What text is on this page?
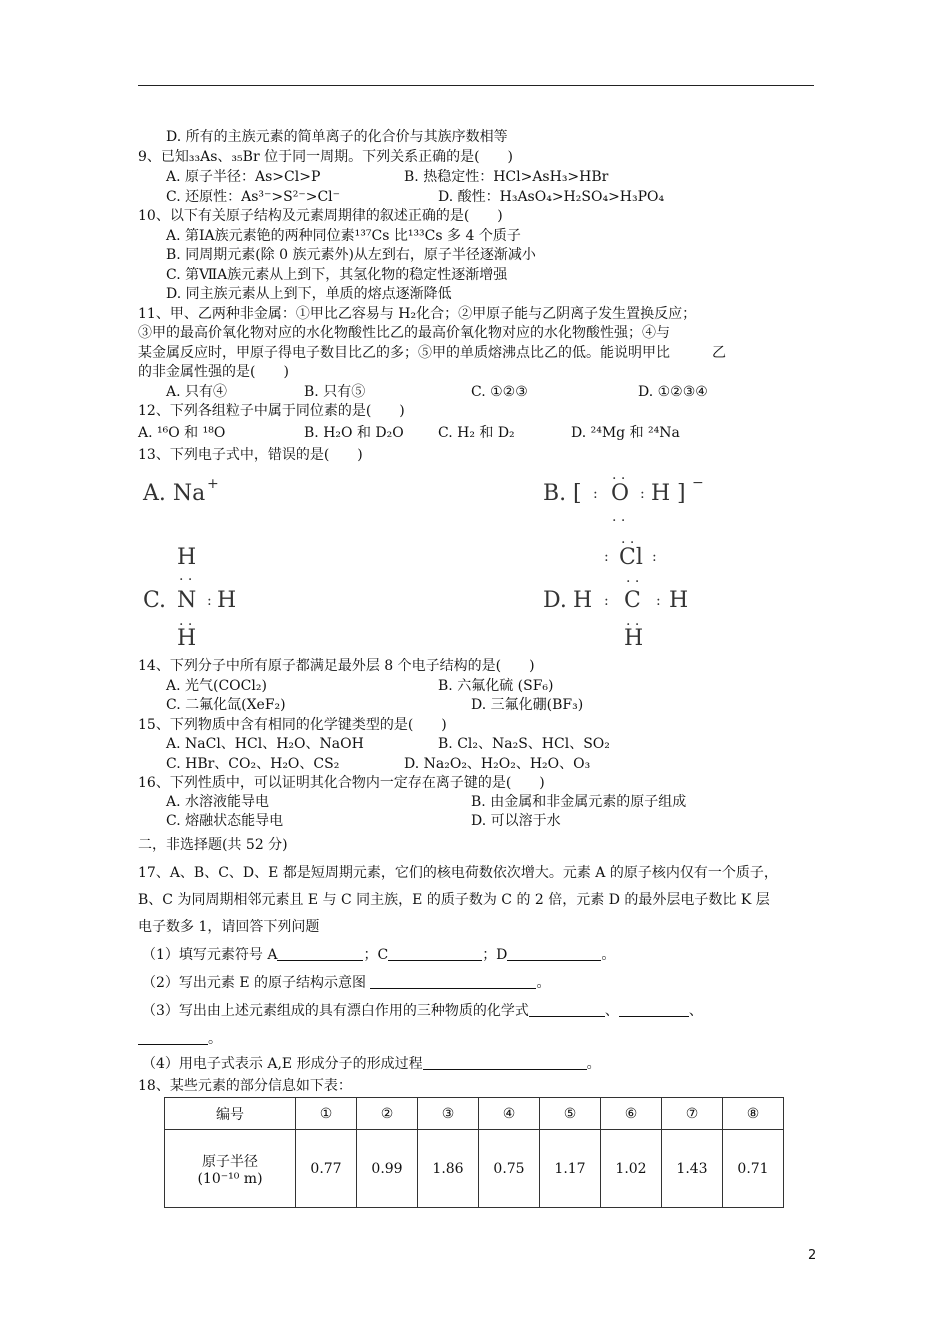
D. 所有的主族元素的简单离子的化合价与其族序数相等
9、已知₃₃As、₃₅Br 位于同一周期。下列关系正确的是(　　)
A. 原子半径：As>Cl>P	B. 热稳定性：HCl>AsH₃>HBr
C. 还原性：As³⁻>S²⁻>Cl⁻	D. 酸性：H₃AsO₄>H₂SO₄>H₃PO₄
10、以下有关原子结构及元素周期律的叙述正确的是(　　)
A. 第ⅠA族元素铯的两种同位素¹³⁷Cs 比¹³³Cs 多 4 个质子
B. 同周期元素(除 0 族元素外)从左到右，原子半径逐渐减小
C. 第ⅦA族元素从上到下，其氢化物的稳定性逐渐增强
D. 同主族元素从上到下，单质的熔点逐渐降低
11、甲、乙两种非金属：①甲比乙容易与 H₂化合；②甲原子能与乙阴离子发生置换反应；
③甲的最高价氧化物对应的水化物酸性比乙的最高价氧化物对应的水化物酸性强；④与
某金属反应时，甲原子得电子数目比乙的多；⑤甲的单质熔沸点比乙的低。能说明甲比　　　乙
的非金属性强的是(　　)
A. 只有④	B. 只有⑤	C. ①②③	D. ①②③④
12、下列各组粒子中属于同位素的是(　　)
A. ¹⁶O 和 ¹⁸O	B. H₂O 和 D₂O C. H₂ 和 D₂	D. ²⁴Mg 和 ²⁴Na
13、下列电子式中，错误的是(　　)
A. Na +	B. [ :
. .
O :
. .
H ] −
H
. .
C. N : H
. .
H
. .
: Cl :
. .
D. H : C : H
. .
H
14、下列分子中所有原子都满足最外层 8 个电子结构的是(　　)
A. 光气(COCl₂)	B. 六氟化硫 (SF₆)
C. 二氟化氙(XeF₂)	D. 三氟化硼(BF₃)
15、下列物质中含有相同的化学键类型的是(　　)
A. NaCl、HCl、H₂O、NaOH	B. Cl₂、Na₂S、HCl、SO₂
C. HBr、CO₂、H₂O、CS₂	D. Na₂O₂、H₂O₂、H₂O、O₃
16、下列性质中，可以证明其化合物内一定存在离子键的是(　　)
A. 水溶液能导电	B. 由金属和非金属元素的原子组成
C. 熔融状态能导电	D. 可以溶于水
二，非选择题(共 52 分)
17、A、B、C、D、E 都是短周期元素，它们的核电荷数依次增大。元素 A 的原子核内仅有一个质子，
B、C 为同周期相邻元素且 E 与 C 同主族，E 的质子数为 C 的 2 倍，元素 D 的最外层电子数比 K 层
电子数多 1，请回答下列问题
（1）填写元素符号 A	；C	；D	。
（2）写出元素 E 的原子结构示意图	。
（3）写出由上述元素组成的具有漂白作用的三种物质的化学式	、	、
。
（4）用电子式表示 A,E 形成分子的形成过程	。
18、某些元素的部分信息如下表：
编号	①	②	③	④	⑤	⑥	⑦	⑧

原子半径
(10⁻¹⁰ m)	0.77	0.99	1.86	0.75	1.17	1.02	1.43	0.71
2
